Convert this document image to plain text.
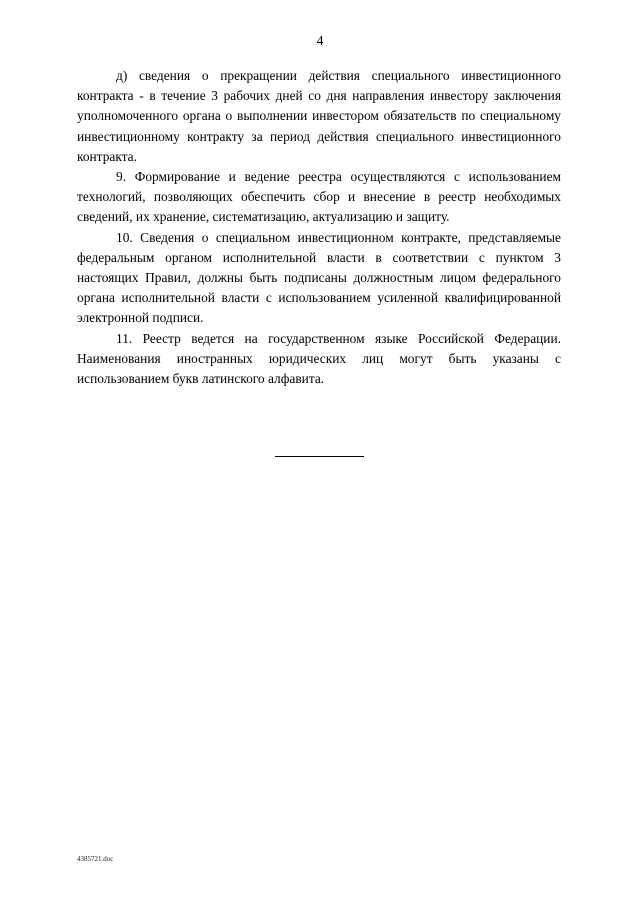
4

д) сведения о прекращении действия специального инвестиционного контракта - в течение 3 рабочих дней со дня направления инвестору заключения уполномоченного органа о выполнении инвестором обязательств по специальному инвестиционному контракту за период действия специального инвестиционного контракта.

9. Формирование и ведение реестра осуществляются с использованием технологий, позволяющих обеспечить сбор и внесение в реестр необходимых сведений, их хранение, систематизацию, актуализацию и защиту.

10. Сведения о специальном инвестиционном контракте, представляемые федеральным органом исполнительной власти в соответствии с пунктом 3 настоящих Правил, должны быть подписаны должностным лицом федерального органа исполнительной власти с использованием усиленной квалифицированной электронной подписи.

11. Реестр ведется на государственном языке Российской Федерации. Наименования иностранных юридических лиц могут быть указаны с использованием букв латинского алфавита.

4385721.doc
